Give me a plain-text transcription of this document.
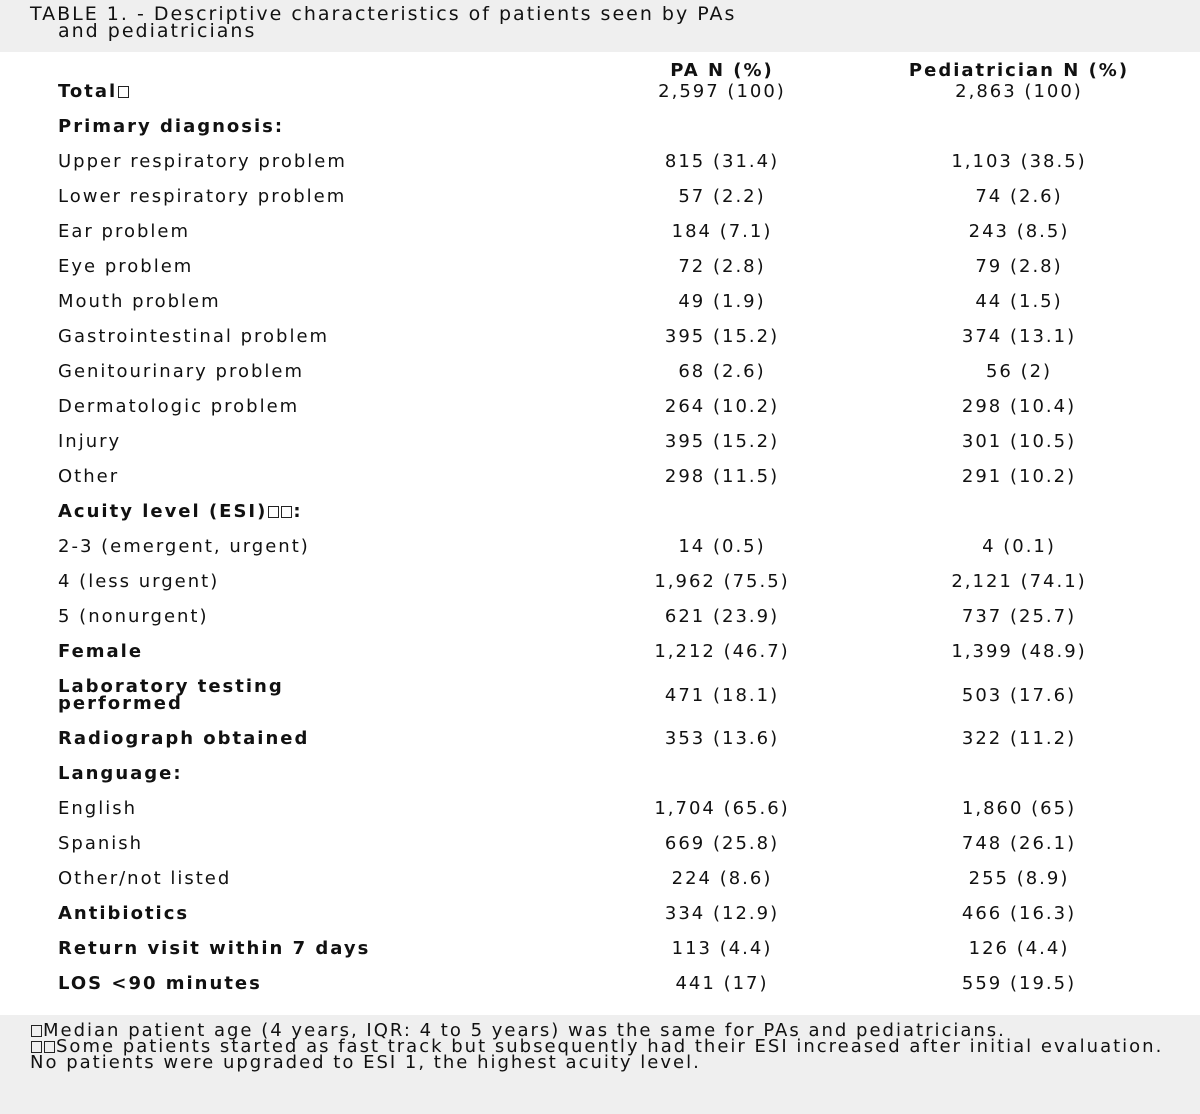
TABLE 1. - Descriptive characteristics of patients seen by PAs
and pediatricians
	PA N (%)	Pediatrician N (%)
Total	2,597 (100)	2,863 (100)
Primary diagnosis:		
Upper respiratory problem	815 (31.4)	1,103 (38.5)
Lower respiratory problem	57 (2.2)	74 (2.6)
Ear problem	184 (7.1)	243 (8.5)
Eye problem	72 (2.8)	79 (2.8)
Mouth problem	49 (1.9)	44 (1.5)
Gastrointestinal problem	395 (15.2)	374 (13.1)
Genitourinary problem	68 (2.6)	56 (2)
Dermatologic problem	264 (10.2)	298 (10.4)
Injury	395 (15.2)	301 (10.5)
Other	298 (11.5)	291 (10.2)
Acuity level (ESI) :		
2-3 (emergent, urgent)	14 (0.5)	4 (0.1)
4 (less urgent)	1,962 (75.5)	2,121 (74.1)
5 (nonurgent)	621 (23.9)	737 (25.7)
Female	1,212 (46.7)	1,399 (48.9)
Laboratory testing
performed	471 (18.1)	503 (17.6)
Radiograph obtained	353 (13.6)	322 (11.2)
Language:		
English	1,704 (65.6)	1,860 (65)
Spanish	669 (25.8)	748 (26.1)
Other/not listed	224 (8.6)	255 (8.9)
Antibiotics	334 (12.9)	466 (16.3)
Return visit within 7 days	113 (4.4)	126 (4.4)
LOS <90 minutes	441 (17)	559 (19.5)

Median patient age (4 years, IQR: 4 to 5 years) was the same for PAs and pediatricians.

Some patients started as fast track but subsequently had their ESI increased after initial evaluation. No patients were upgraded to ESI 1, the highest acuity level.
